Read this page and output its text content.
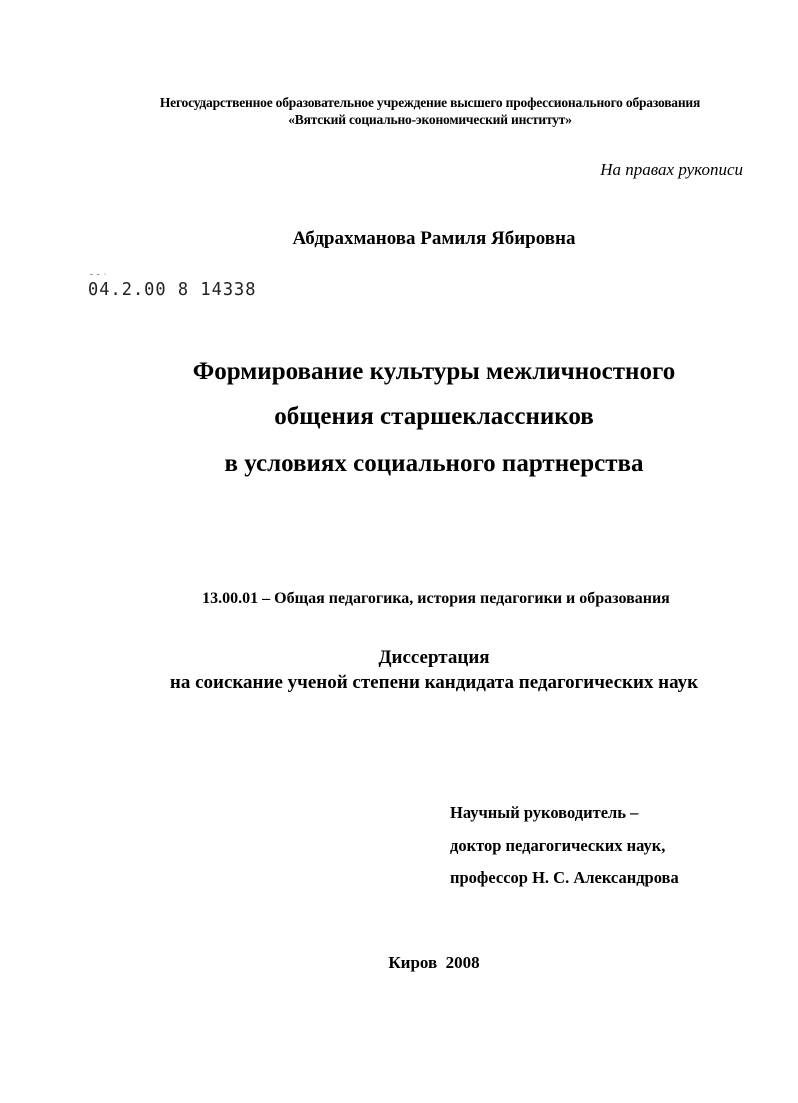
Негосударственное образовательное учреждение высшего профессионального образования
«Вятский социально-экономический институт»
На правах рукописи
Абдрахманова Рамиля Ябировна
˘˘˙
04.2.00 8 14338
Формирование культуры межличностного
общения старшеклассников
в условиях социального партнерства
13.00.01 – Общая педагогика, история педагогики и образования
Диссертация
на соискание ученой степени кандидата педагогических наук
Научный руководитель –
доктор педагогических наук,
профессор Н. С. Александрова
Киров  2008
